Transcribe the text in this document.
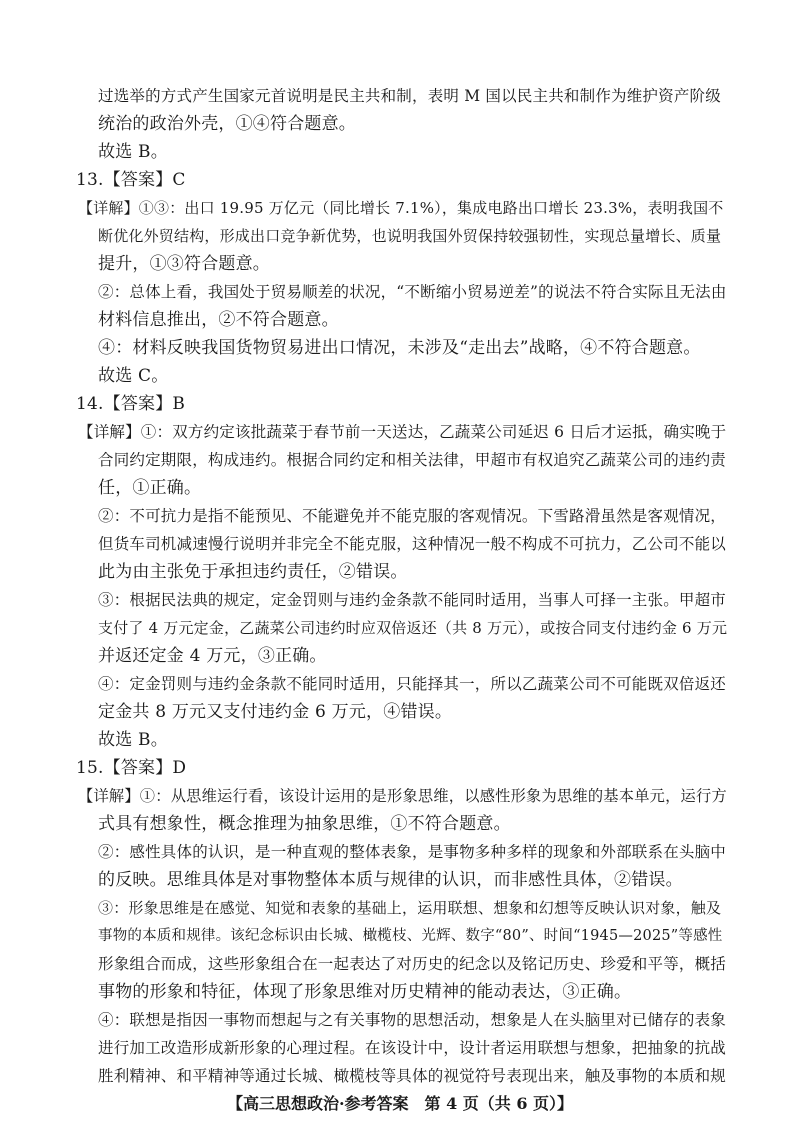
过选举的方式产生国家元首说明是民主共和制，表明 M 国以民主共和制作为维护资产阶级
统治的政治外壳，①④符合题意。
故选 B。
13.【答案】C
【详解】①③：出口 19.95 万亿元（同比增长 7.1%），集成电路出口增长 23.3%，表明我国不
断优化外贸结构，形成出口竞争新优势，也说明我国外贸保持较强韧性，实现总量增长、质量
提升，①③符合题意。
②：总体上看，我国处于贸易顺差的状况，“不断缩小贸易逆差”的说法不符合实际且无法由
材料信息推出，②不符合题意。
④：材料反映我国货物贸易进出口情况，未涉及“走出去”战略，④不符合题意。
故选 C。
14.【答案】B
【详解】①：双方约定该批蔬菜于春节前一天送达，乙蔬菜公司延迟 6 日后才运抵，确实晚于
合同约定期限，构成违约。根据合同约定和相关法律，甲超市有权追究乙蔬菜公司的违约责
任，①正确。
②：不可抗力是指不能预见、不能避免并不能克服的客观情况。下雪路滑虽然是客观情况，
但货车司机减速慢行说明并非完全不能克服，这种情况一般不构成不可抗力，乙公司不能以
此为由主张免于承担违约责任，②错误。
③：根据民法典的规定，定金罚则与违约金条款不能同时适用，当事人可择一主张。甲超市
支付了 4 万元定金，乙蔬菜公司违约时应双倍返还（共 8 万元），或按合同支付违约金 6 万元
并返还定金 4 万元，③正确。
④：定金罚则与违约金条款不能同时适用，只能择其一，所以乙蔬菜公司不可能既双倍返还
定金共 8 万元又支付违约金 6 万元，④错误。
故选 B。
15.【答案】D
【详解】①：从思维运行看，该设计运用的是形象思维，以感性形象为思维的基本单元，运行方
式具有想象性，概念推理为抽象思维，①不符合题意。
②：感性具体的认识，是一种直观的整体表象，是事物多种多样的现象和外部联系在头脑中
的反映。思维具体是对事物整体本质与规律的认识，而非感性具体，②错误。
③：形象思维是在感觉、知觉和表象的基础上，运用联想、想象和幻想等反映认识对象，触及
事物的本质和规律。该纪念标识由长城、橄榄枝、光辉、数字“80”、时间“1945—2025”等感性
形象组合而成，这些形象组合在一起表达了对历史的纪念以及铭记历史、珍爱和平等，概括
事物的形象和特征，体现了形象思维对历史精神的能动表达，③正确。
④：联想是指因一事物而想起与之有关事物的思想活动，想象是人在头脑里对已储存的表象
进行加工改造形成新形象的心理过程。在该设计中，设计者运用联想与想象，把抽象的抗战
胜利精神、和平精神等通过长城、橄榄枝等具体的视觉符号表现出来，触及事物的本质和规
【高三思想政治·参考答案　第 4 页（共 6 页）】
